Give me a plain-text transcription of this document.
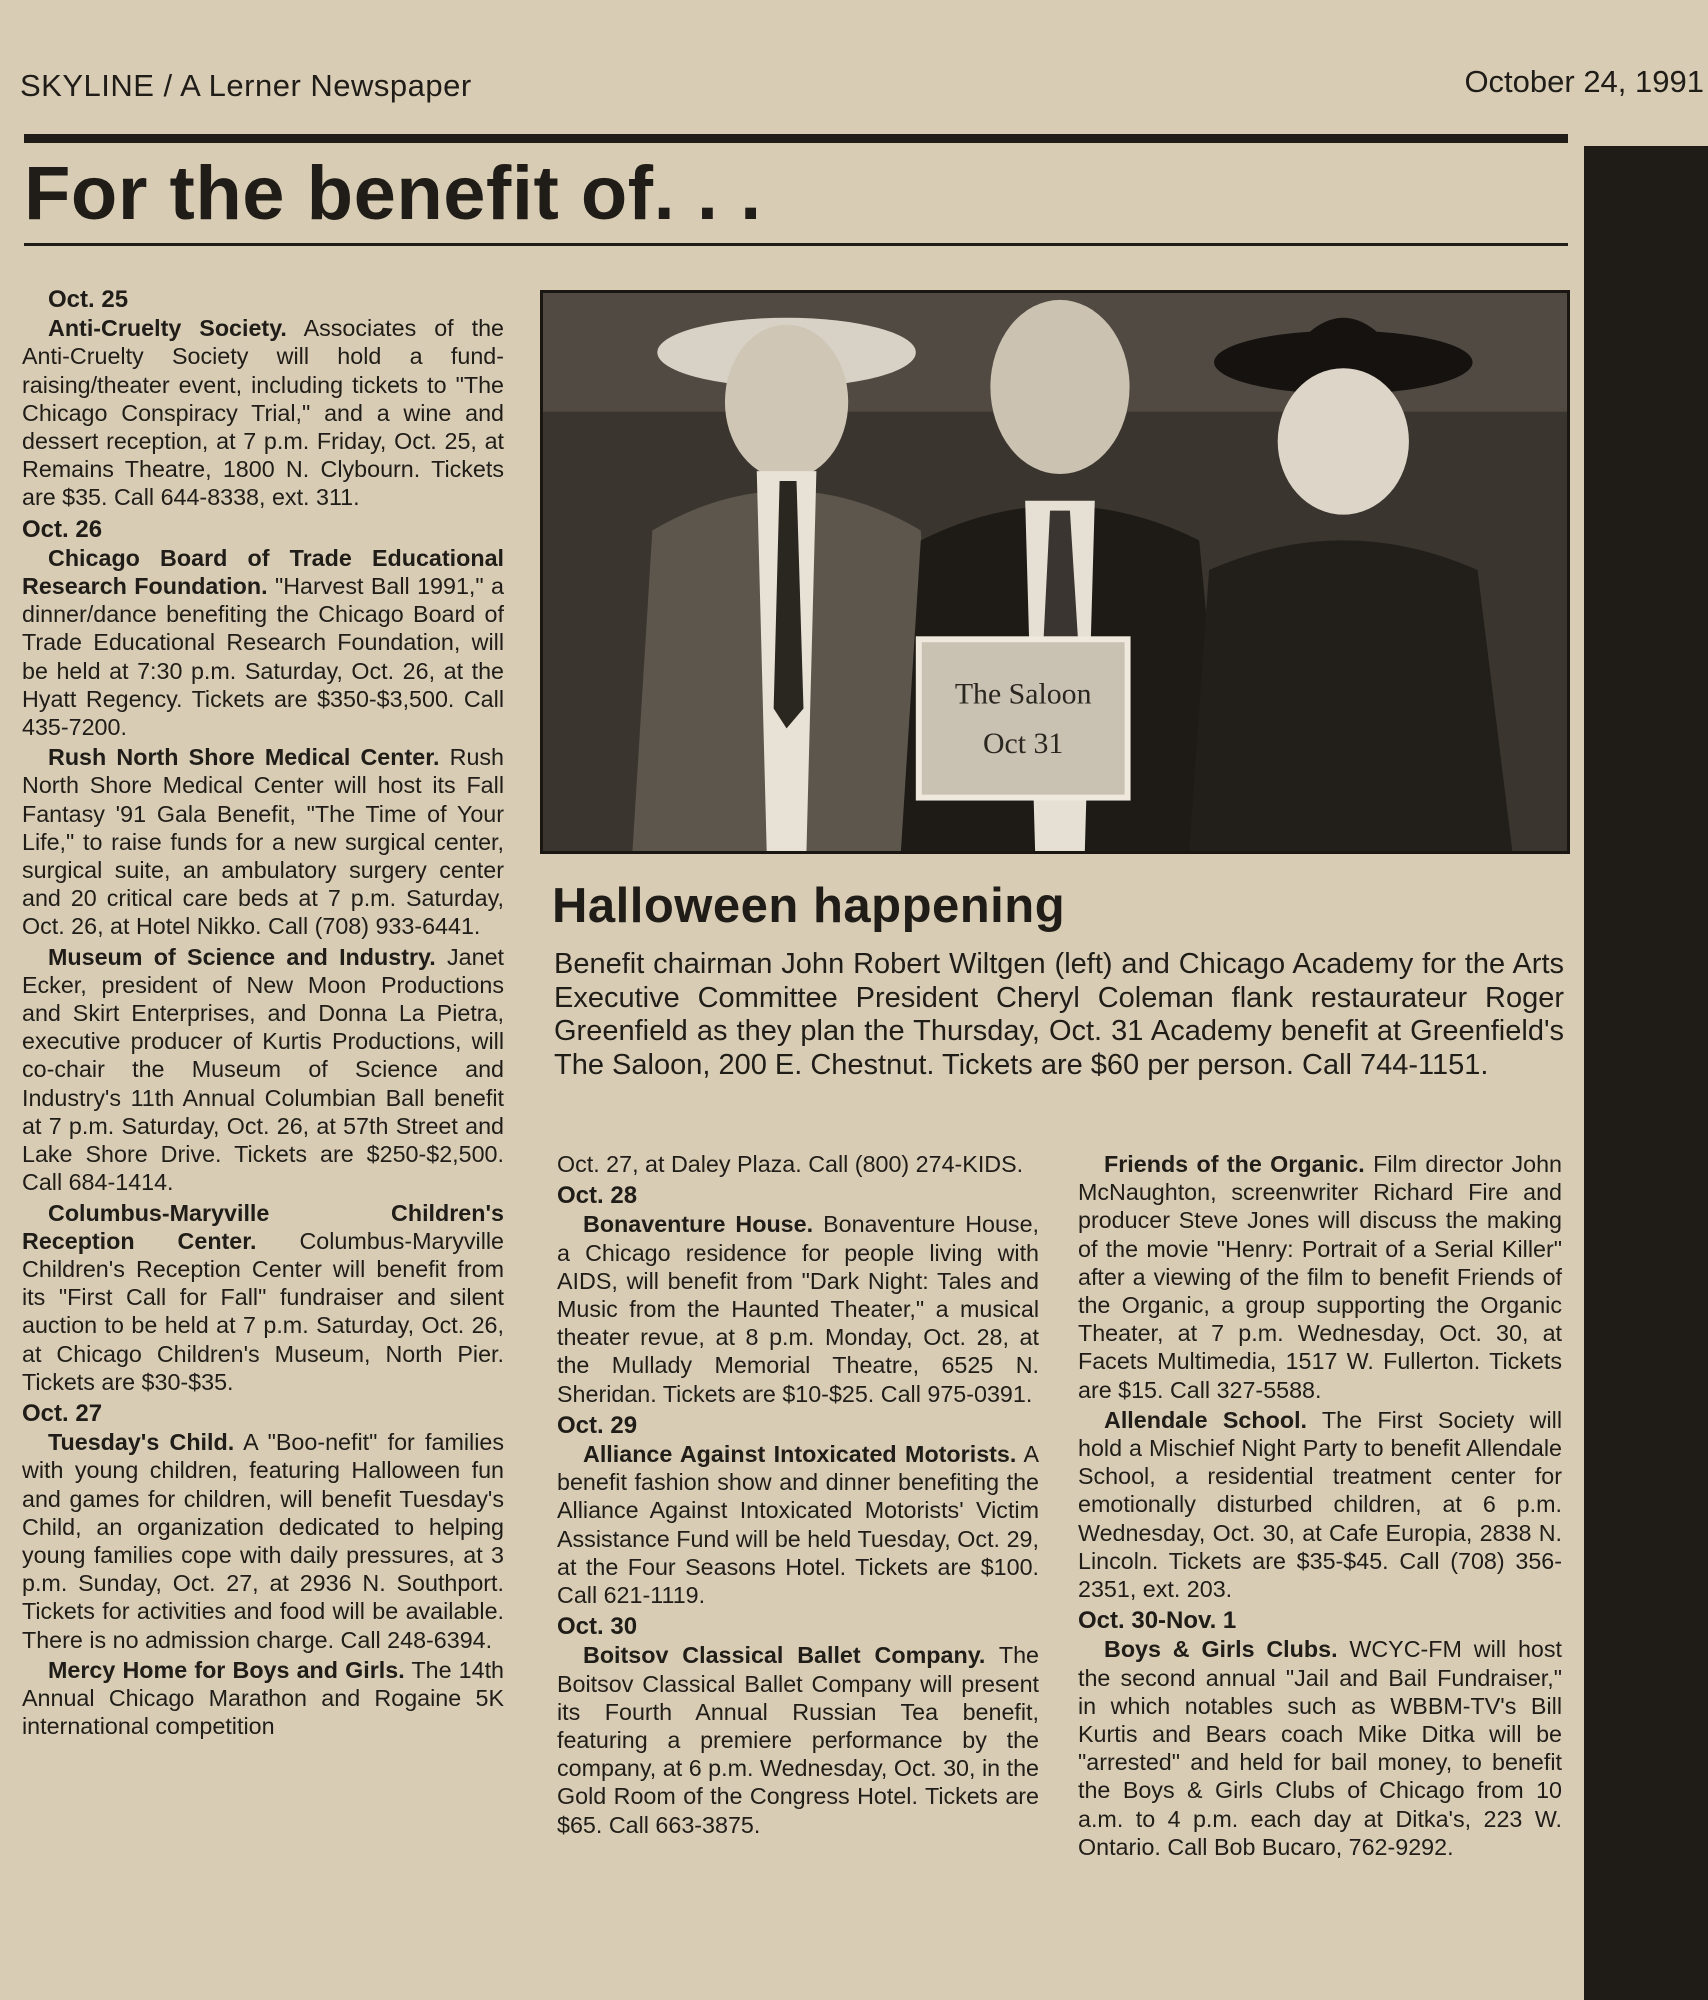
SKYLINE / A Lerner Newspaper	October 24, 1991
For the benefit of. . .

Oct. 25

Anti-Cruelty Society. Associates of the Anti-Cruelty Society will hold a fund-raising/theater event, including tickets to "The Chicago Conspiracy Trial," and a wine and dessert reception, at 7 p.m. Friday, Oct. 25, at Remains Theatre, 1800 N. Clybourn. Tickets are $35. Call 644-8338, ext. 311.

Oct. 26

Chicago Board of Trade Educational Research Foundation. "Harvest Ball 1991," a dinner/dance benefiting the Chicago Board of Trade Educational Research Foundation, will be held at 7:30 p.m. Saturday, Oct. 26, at the Hyatt Regency. Tickets are $350-$3,500. Call 435-7200.

Rush North Shore Medical Center. Rush North Shore Medical Center will host its Fall Fantasy '91 Gala Benefit, "The Time of Your Life," to raise funds for a new surgical center, surgical suite, an ambulatory surgery center and 20 critical care beds at 7 p.m. Saturday, Oct. 26, at Hotel Nikko. Call (708) 933-6441.

Museum of Science and Industry. Janet Ecker, president of New Moon Productions and Skirt Enterprises, and Donna La Pietra, executive producer of Kurtis Productions, will co-chair the Museum of Science and Industry's 11th Annual Columbian Ball benefit at 7 p.m. Saturday, Oct. 26, at 57th Street and Lake Shore Drive. Tickets are $250-$2,500. Call 684-1414.

Columbus-Maryville Children's Reception Center. Columbus-Maryville Children's Reception Center will benefit from its "First Call for Fall" fundraiser and silent auction to be held at 7 p.m. Saturday, Oct. 26, at Chicago Children's Museum, North Pier. Tickets are $30-$35.

Oct. 27

Tuesday's Child. A "Boo-nefit" for families with young children, featuring Halloween fun and games for children, will benefit Tuesday's Child, an organization dedicated to helping young families cope with daily pressures, at 3 p.m. Sunday, Oct. 27, at 2936 N. Southport. Tickets for activities and food will be available. There is no admission charge. Call 248-6394.

Mercy Home for Boys and Girls. The 14th Annual Chicago Marathon and Rogaine 5K international competition

The Saloon
Oct 31
Halloween happening
Benefit chairman John Robert Wiltgen (left) and Chicago Academy for the Arts Executive Committee President Cheryl Coleman flank restaurateur Roger Greenfield as they plan the Thursday, Oct. 31 Academy benefit at Greenfield's The Saloon, 200 E. Chestnut. Tickets are $60 per person. Call 744-1151.

Oct. 27, at Daley Plaza. Call (800) 274-KIDS.

Oct. 28

Bonaventure House. Bonaventure House, a Chicago residence for people living with AIDS, will benefit from "Dark Night: Tales and Music from the Haunted Theater," a musical theater revue, at 8 p.m. Monday, Oct. 28, at the Mullady Memorial Theatre, 6525 N. Sheridan. Tickets are $10-$25. Call 975-0391.

Oct. 29

Alliance Against Intoxicated Motorists. A benefit fashion show and dinner benefiting the Alliance Against Intoxicated Motorists' Victim Assistance Fund will be held Tuesday, Oct. 29, at the Four Seasons Hotel. Tickets are $100. Call 621-1119.

Oct. 30

Boitsov Classical Ballet Company. The Boitsov Classical Ballet Company will present its Fourth Annual Russian Tea benefit, featuring a premiere performance by the company, at 6 p.m. Wednesday, Oct. 30, in the Gold Room of the Congress Hotel. Tickets are $65. Call 663-3875.

Friends of the Organic. Film director John McNaughton, screenwriter Richard Fire and producer Steve Jones will discuss the making of the movie "Henry: Portrait of a Serial Killer" after a viewing of the film to benefit Friends of the Organic, a group supporting the Organic Theater, at 7 p.m. Wednesday, Oct. 30, at Facets Multimedia, 1517 W. Fullerton. Tickets are $15. Call 327-5588.

Allendale School. The First Society will hold a Mischief Night Party to benefit Allendale School, a residential treatment center for emotionally disturbed children, at 6 p.m. Wednesday, Oct. 30, at Cafe Europia, 2838 N. Lincoln. Tickets are $35-$45. Call (708) 356-2351, ext. 203.

Oct. 30-Nov. 1

Boys & Girls Clubs. WCYC-FM will host the second annual "Jail and Bail Fundraiser," in which notables such as WBBM-TV's Bill Kurtis and Bears coach Mike Ditka will be "arrested" and held for bail money, to benefit the Boys & Girls Clubs of Chicago from 10 a.m. to 4 p.m. each day at Ditka's, 223 W. Ontario. Call Bob Bucaro, 762-9292.
